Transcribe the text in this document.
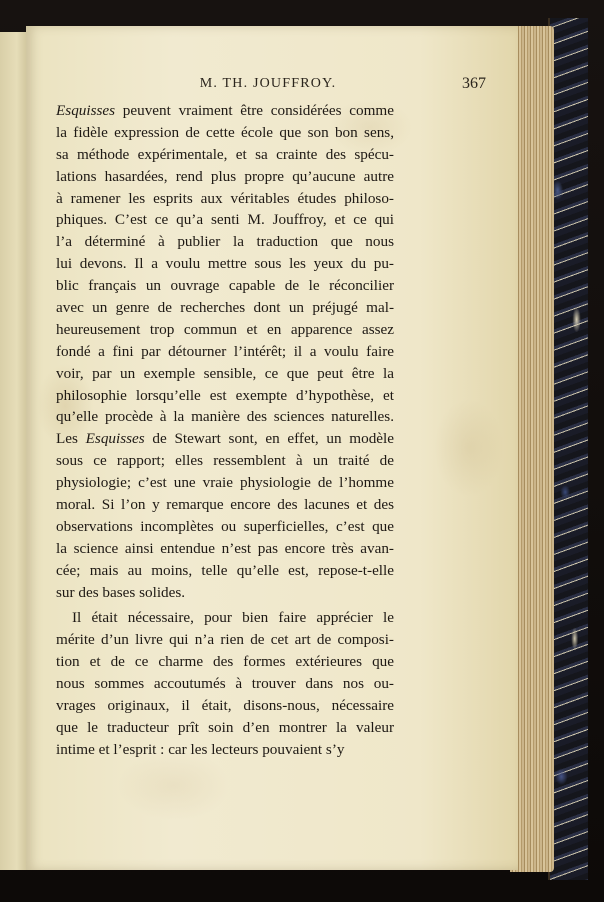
M. TH. JOUFFROY.	367
Esquisses peuvent vraiment être considérées comme
la fidèle expression de cette école que son bon sens,
sa méthode expérimentale, et sa crainte des spécu-
lations hasardées, rend plus propre qu’aucune autre
à ramener les esprits aux véritables études philoso-
phiques. C’est ce qu’a senti M. Jouffroy, et ce qui
l’a déterminé à publier la traduction que nous
lui devons. Il a voulu mettre sous les yeux du pu-
blic français un ouvrage capable de le réconcilier
avec un genre de recherches dont un préjugé mal-
heureusement trop commun et en apparence assez
fondé a fini par détourner l’intérêt; il a voulu faire
voir, par un exemple sensible, ce que peut être la
philosophie lorsqu’elle est exempte d’hypothèse, et
qu’elle procède à la manière des sciences naturelles.
Les Esquisses de Stewart sont, en effet, un modèle
sous ce rapport; elles ressemblent à un traité de
physiologie; c’est une vraie physiologie de l’homme
moral. Si l’on y remarque encore des lacunes et des
observations incomplètes ou superficielles, c’est que
la science ainsi entendue n’est pas encore très avan-
cée; mais au moins, telle qu’elle est, repose-t-elle
sur des bases solides.
Il était nécessaire, pour bien faire apprécier le
mérite d’un livre qui n’a rien de cet art de composi-
tion et de ce charme des formes extérieures que
nous sommes accoutumés à trouver dans nos ou-
vrages originaux, il était, disons-nous, nécessaire
que le traducteur prît soin d’en montrer la valeur
intime et l’esprit : car les lecteurs pouvaient s’y
